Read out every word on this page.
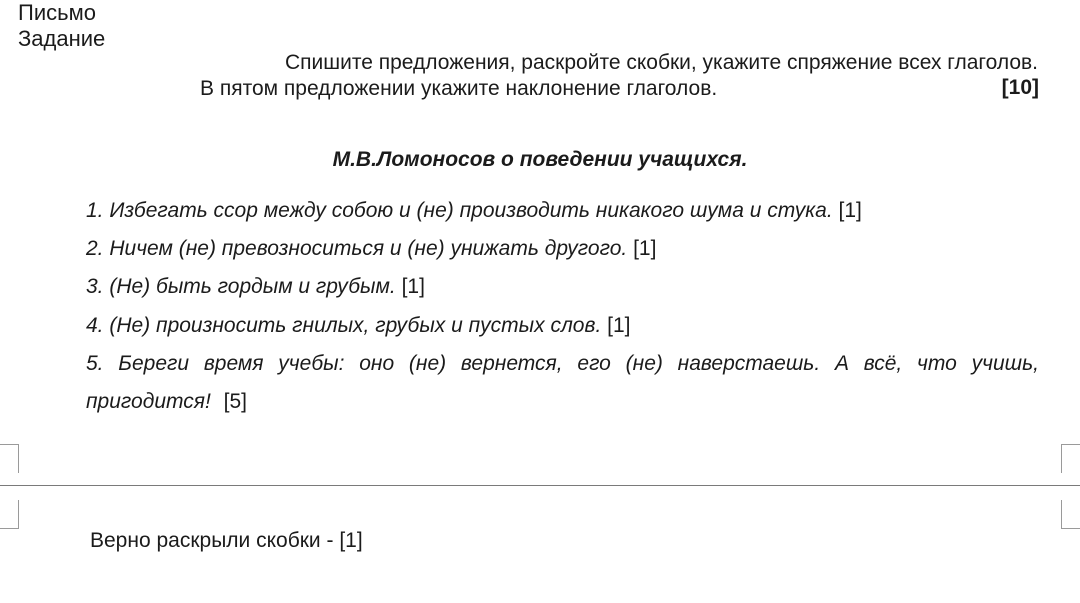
Письмо
Задание
Спишите предложения, раскройте скобки, укажите спряжение всех глаголов.
В пятом предложении укажите наклонение глаголов.	[10]
М.В.Ломоносов о поведении учащихся.
1. Избегать ссор между собою и (не) производить никакого шума и стука. [1]
2. Ничем (не) превозноситься и (не) унижать другого. [1]
3. (Не) быть гордым и грубым. [1]
4. (Не) произносить гнилых, грубых и пустых слов. [1]
5. Береги время учебы: оно (не) вернется, его (не) наверстаешь. А всё, что учишь, пригодится! [5]
Верно раскрыли скобки - [1]
